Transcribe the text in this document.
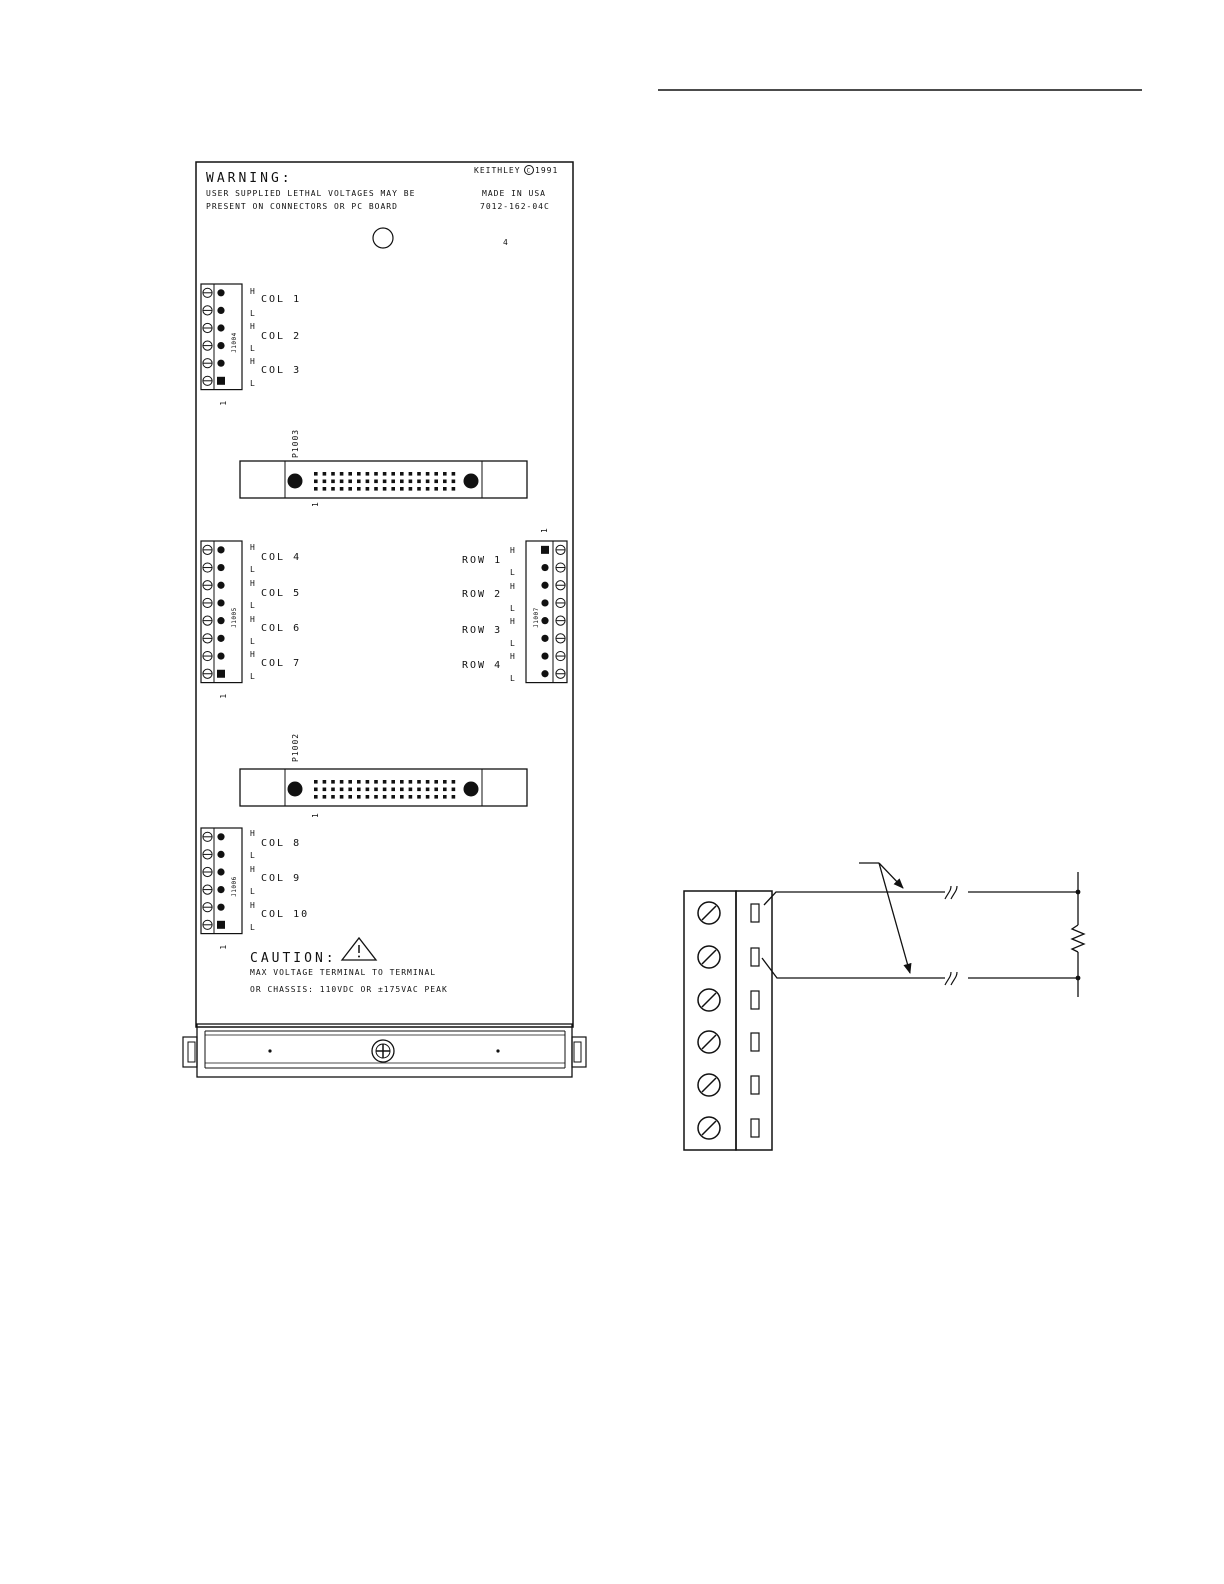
WARNING:
USER SUPPLIED LETHAL VOLTAGES MAY BE
PRESENT ON CONNECTORS OR PC BOARD
KEITHLEY C 1991
MADE IN USA
7012-162-04C
4
J1004
1
H
COL 1
L
H
COL 2
L
H
COL 3
L
J1005
1
H
COL 4
L
H
COL 5
L
H
COL 6
L
H
COL 7
L
J1006
1
H
COL 8
L
H
COL 9
L
H
COL 10
L
J1007
1
ROW 1
H
L
ROW 2
H
L
ROW 3
H
L
ROW 4
H
L
P1003
1
P1002
1
CAUTION:
MAX VOLTAGE TERMINAL TO TERMINAL
OR CHASSIS: 110VDC OR ±175VAC PEAK
